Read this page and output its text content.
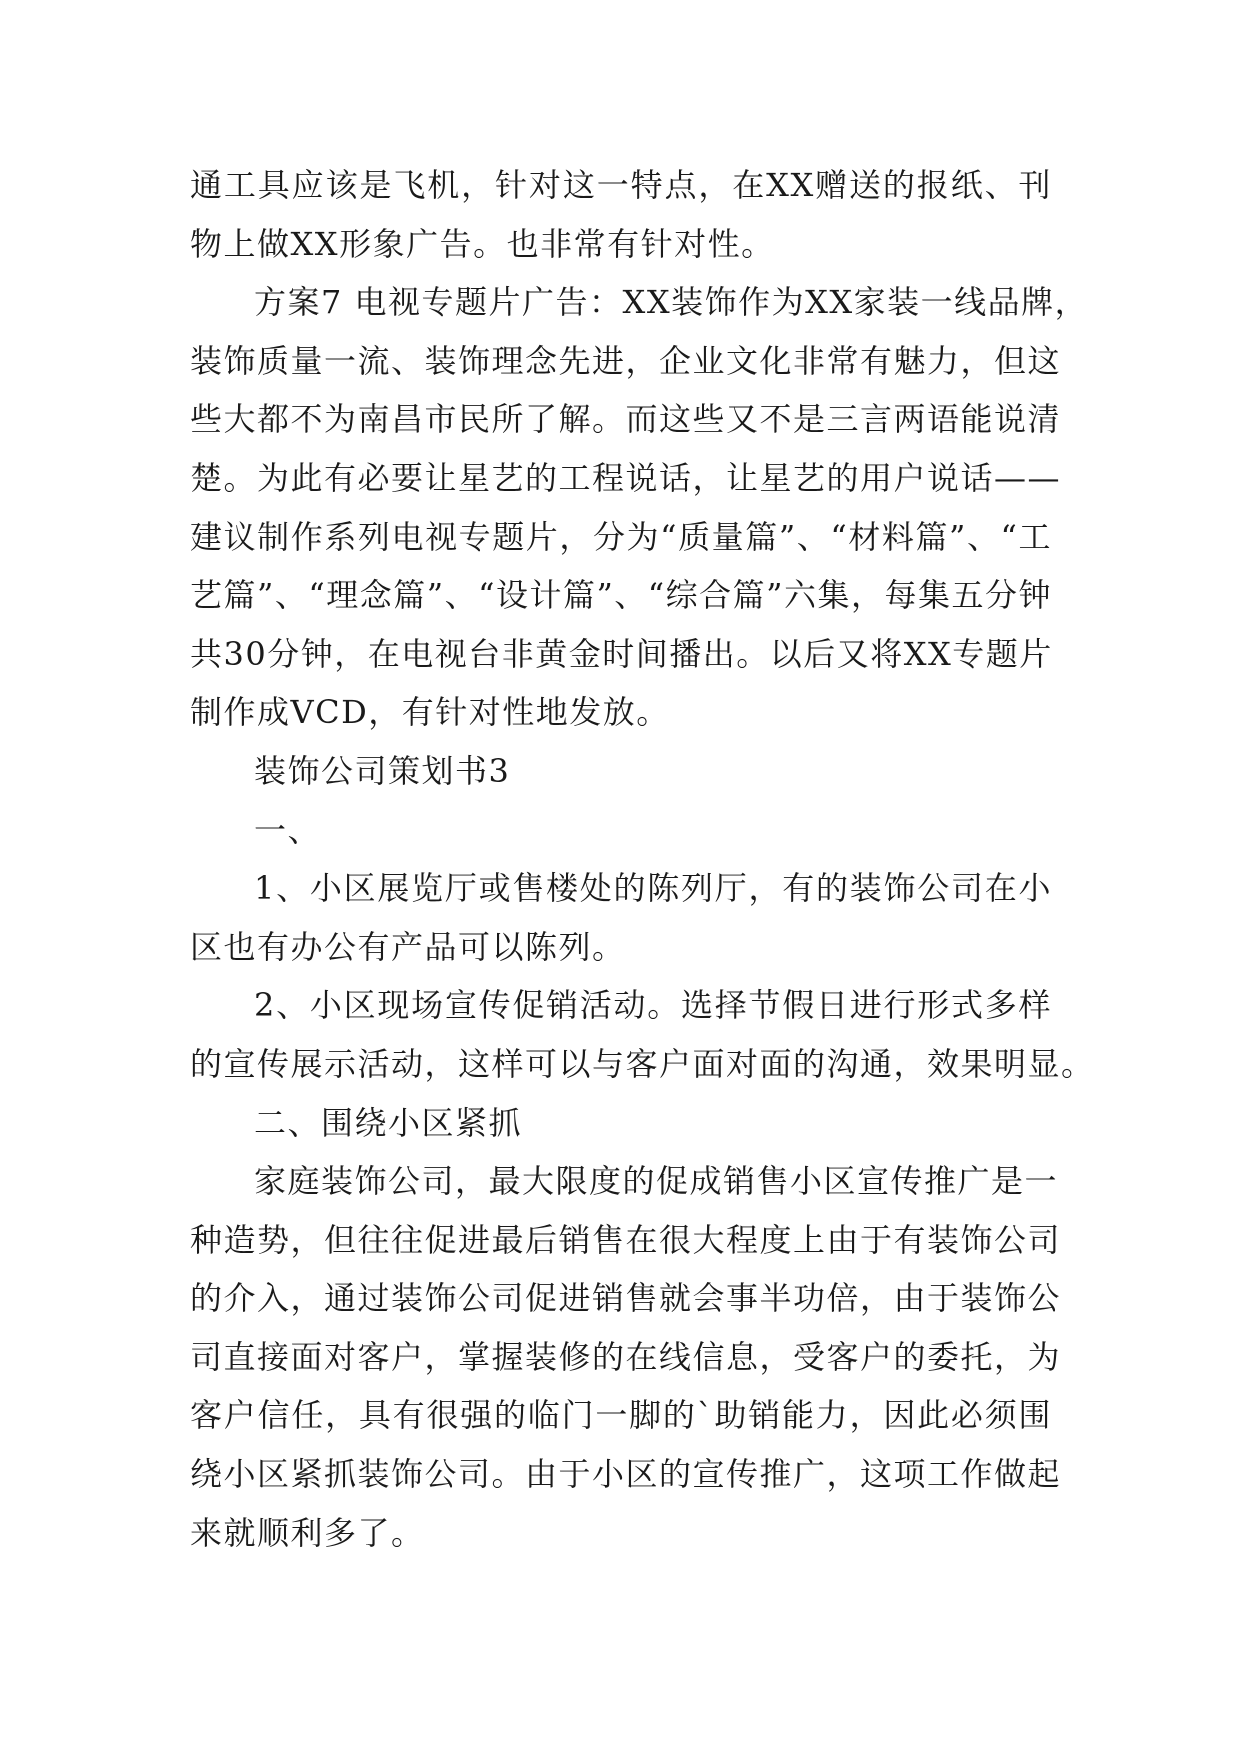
通工具应该是飞机，针对这一特点，在XX赠送的报纸、刊
物上做XX形象广告。也非常有针对性。
方案7 电视专题片广告：XX装饰作为XX家装一线品牌，
装饰质量一流、装饰理念先进，企业文化非常有魅力，但这
些大都不为南昌市民所了解。而这些又不是三言两语能说清
楚。为此有必要让星艺的工程说话，让星艺的用户说话——
建议制作系列电视专题片，分为“质量篇”、“材料篇”、“工
艺篇”、“理念篇”、“设计篇”、“综合篇”六集，每集五分钟
共30分钟，在电视台非黄金时间播出。以后又将XX专题片
制作成VCD，有针对性地发放。
装饰公司策划书3
一、
1、小区展览厅或售楼处的陈列厅，有的装饰公司在小
区也有办公有产品可以陈列。
2、小区现场宣传促销活动。选择节假日进行形式多样
的宣传展示活动，这样可以与客户面对面的沟通，效果明显。
二、围绕小区紧抓
家庭装饰公司，最大限度的促成销售小区宣传推广是一
种造势，但往往促进最后销售在很大程度上由于有装饰公司
的介入，通过装饰公司促进销售就会事半功倍，由于装饰公
司直接面对客户，掌握装修的在线信息，受客户的委托，为
客户信任，具有很强的临门一脚的`助销能力，因此必须围
绕小区紧抓装饰公司。由于小区的宣传推广，这项工作做起
来就顺利多了。
